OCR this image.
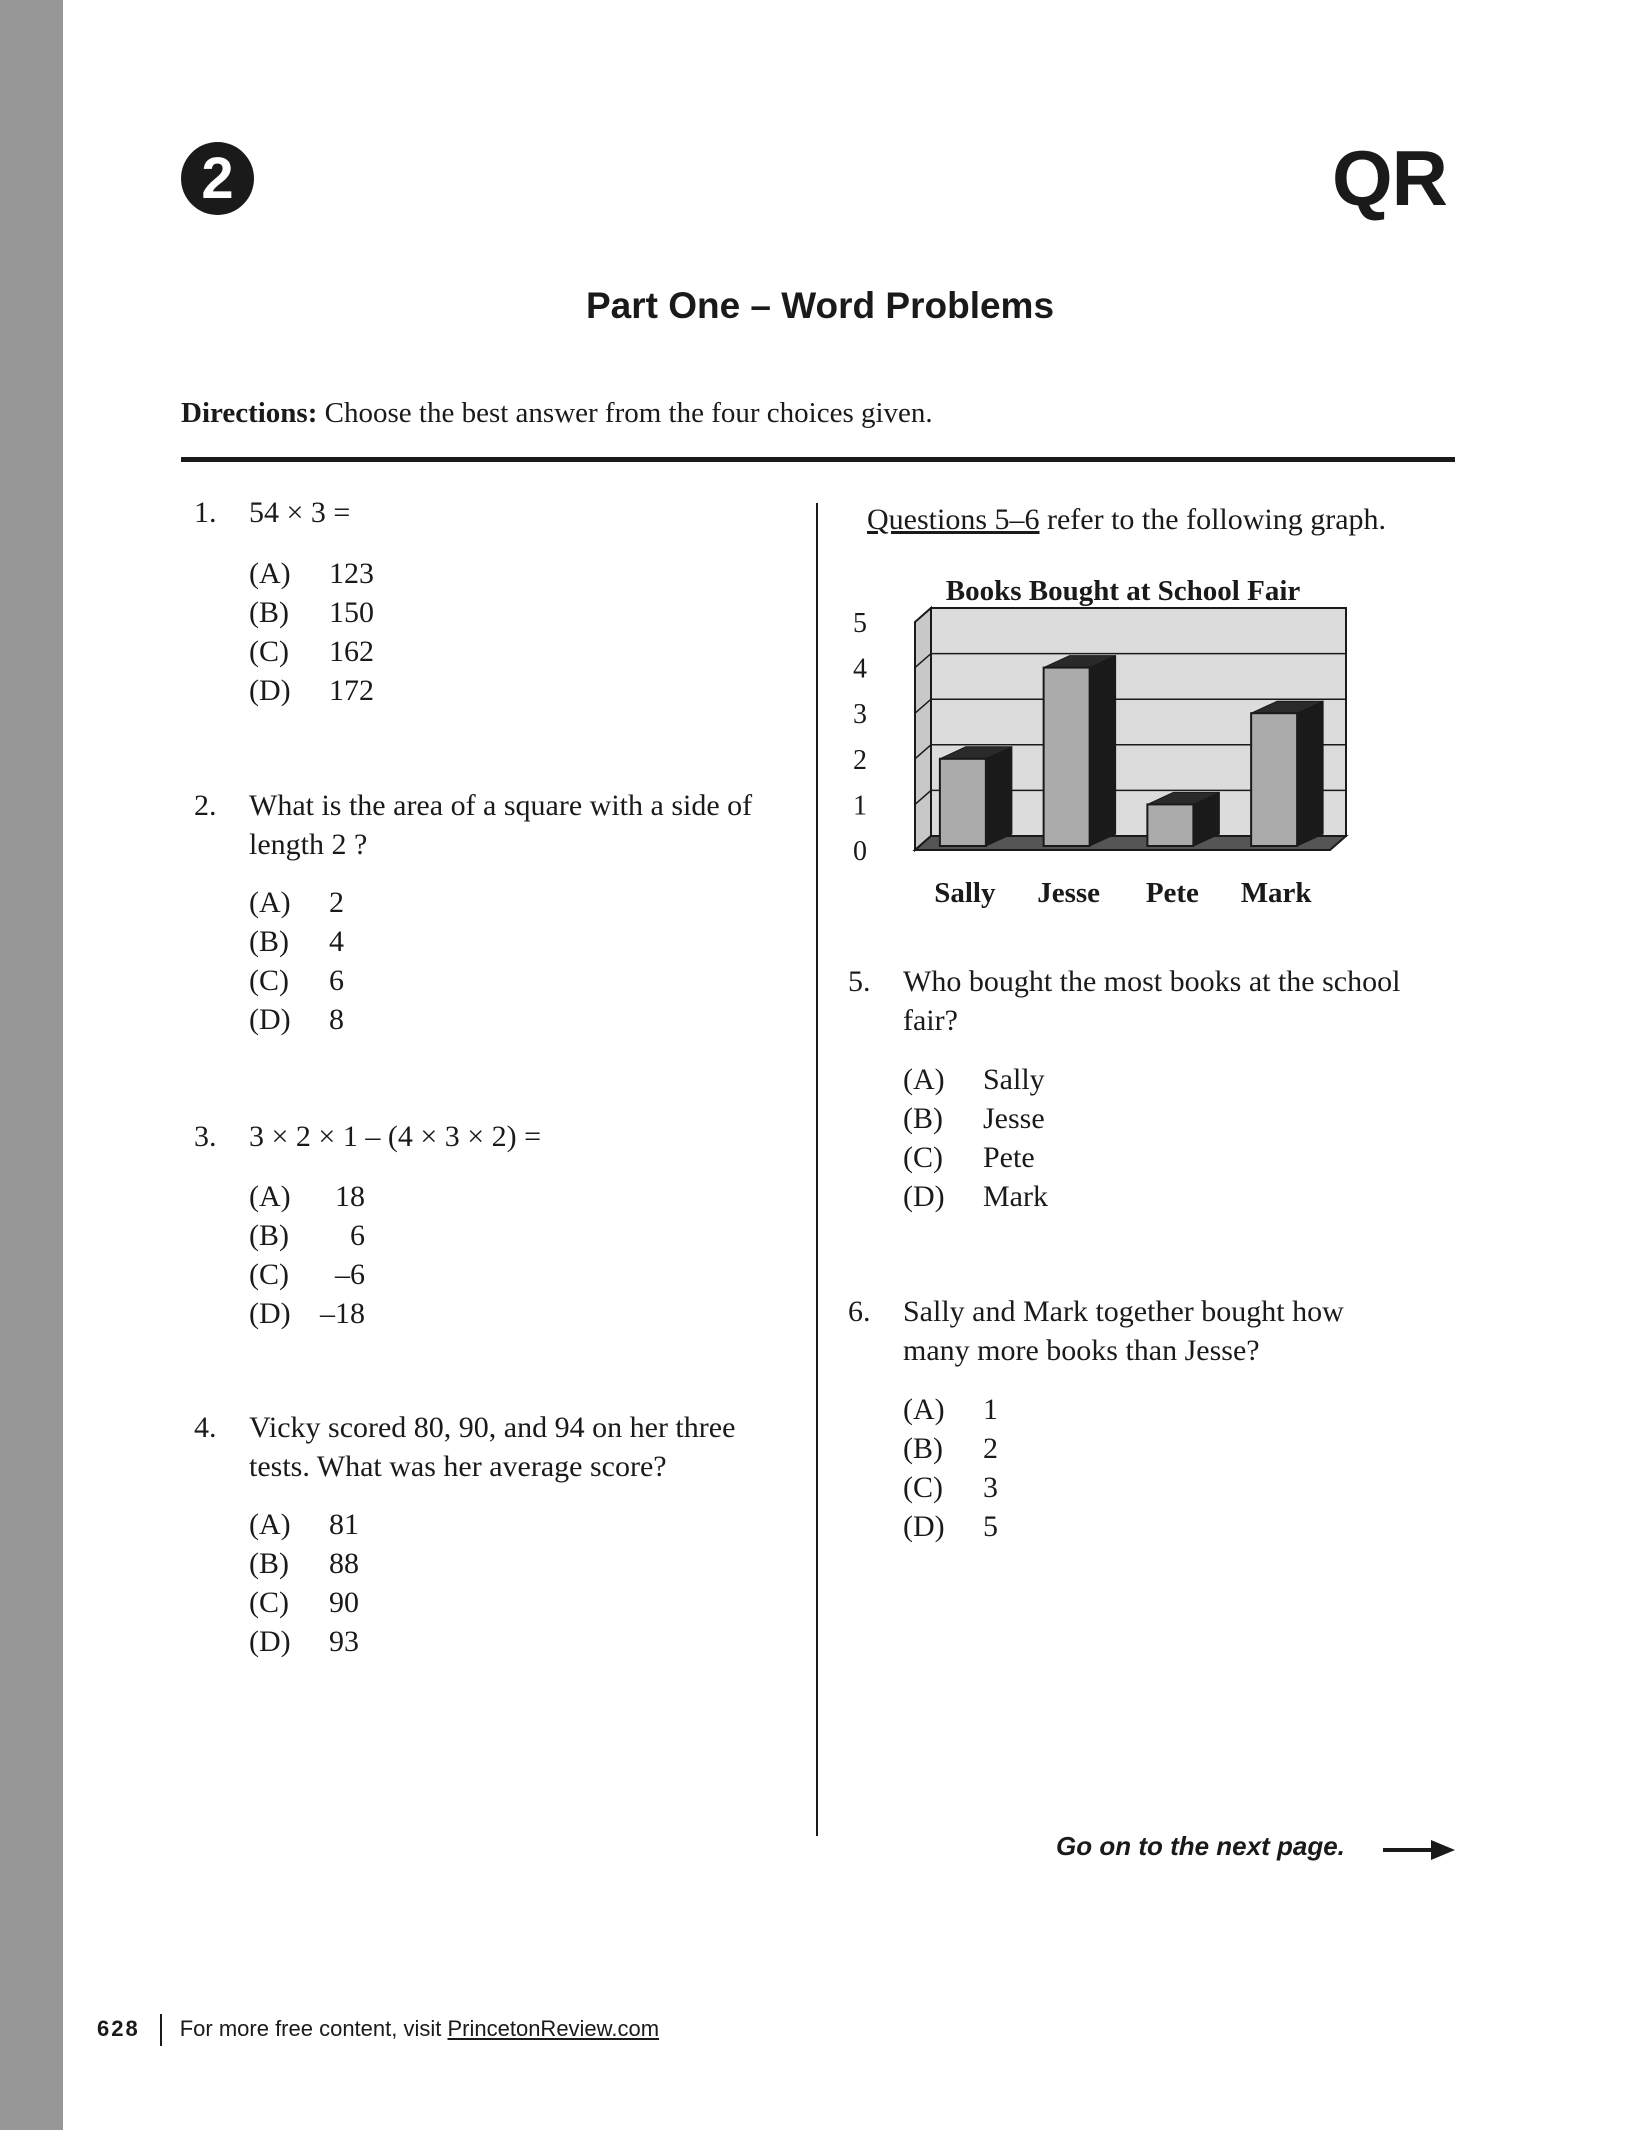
2	QR
Part One – Word Problems
Directions: Choose the best answer from the four choices given.
1. 54 × 3 =
(A) 123
(B) 150
(C) 162
(D) 172
2. What is the area of a square with a side of
length 2 ?
(A) 2
(B) 4
(C) 6
(D) 8
3. 3 × 2 × 1 – (4 × 3 × 2) =
(A)	18
(B)	6
(C)	–6
(D) –18
4. Vicky scored 80, 90, and 94 on her three
tests. What was her average score?
(A) 81
(B) 88
(C) 90
(D) 93
Questions 5–6 refer to the following graph.
Books Bought at School Fair
0
1
2
3
4
5
Sally Jesse Pete Mark
5. Who bought the most books at the school
fair?
(A) Sally
(B) Jesse
(C) Pete
(D) Mark
6. Sally and Mark together bought how
many more books than Jesse?
(A) 1
(B) 2
(C) 3
(D) 5
Go on to the next page.
628 For more free content, visit PrincetonReview.com
